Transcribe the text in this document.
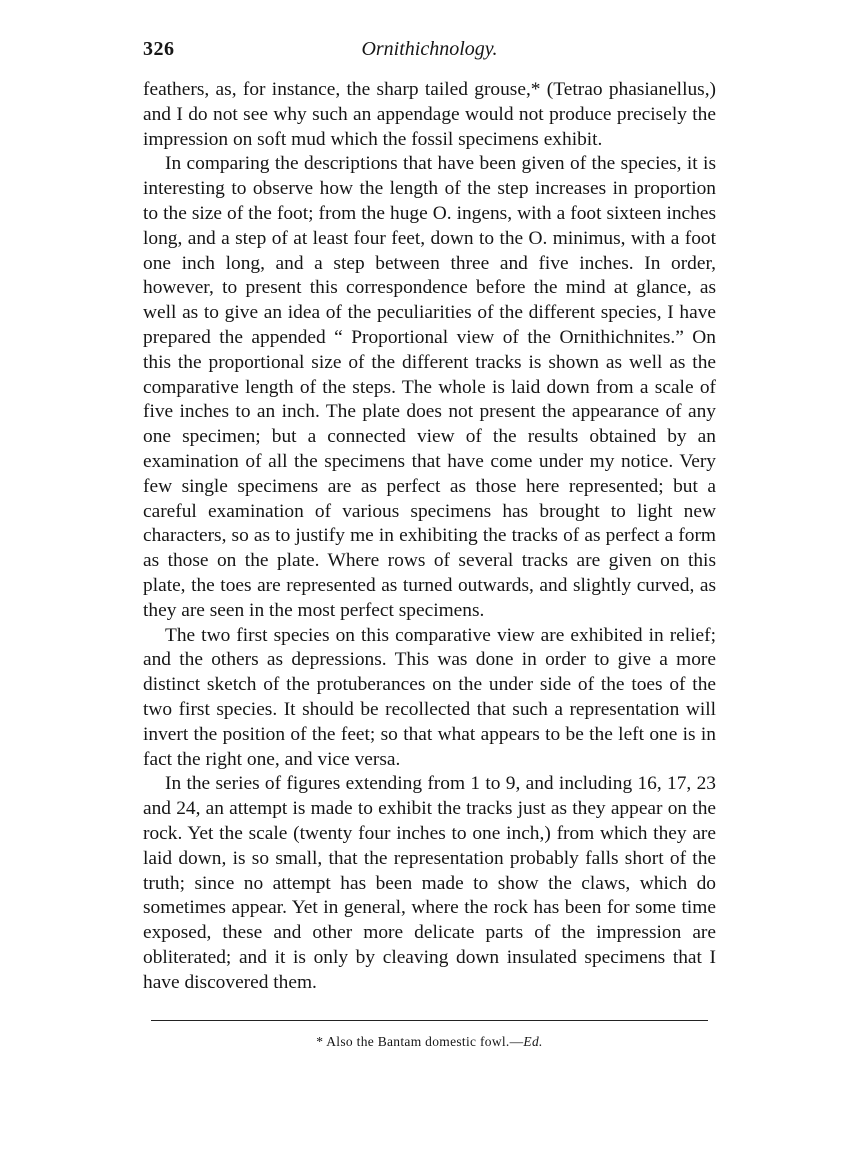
326	Ornithichnology.

feathers, as, for instance, the sharp tailed grouse,* (Tetrao phasianellus,) and I do not see why such an appendage would not produce precisely the impression on soft mud which the fossil specimens exhibit.

In comparing the descriptions that have been given of the species, it is interesting to observe how the length of the step increases in proportion to the size of the foot; from the huge O. ingens, with a foot sixteen inches long, and a step of at least four feet, down to the O. minimus, with a foot one inch long, and a step between three and five inches. In order, however, to present this correspondence before the mind at glance, as well as to give an idea of the peculiarities of the different species, I have prepared the appended “ Proportional view of the Ornithichnites.” On this the proportional size of the different tracks is shown as well as the comparative length of the steps. The whole is laid down from a scale of five inches to an inch. The plate does not present the appearance of any one specimen; but a connected view of the results obtained by an examination of all the specimens that have come under my notice. Very few single specimens are as perfect as those here represented; but a careful examination of various specimens has brought to light new characters, so as to justify me in exhibiting the tracks of as perfect a form as those on the plate. Where rows of several tracks are given on this plate, the toes are represented as turned outwards, and slightly curved, as they are seen in the most perfect specimens.

The two first species on this comparative view are exhibited in relief; and the others as depressions. This was done in order to give a more distinct sketch of the protuberances on the under side of the toes of the two first species. It should be recollected that such a representation will invert the position of the feet; so that what appears to be the left one is in fact the right one, and vice versa.

In the series of figures extending from 1 to 9, and including 16, 17, 23 and 24, an attempt is made to exhibit the tracks just as they appear on the rock. Yet the scale (twenty four inches to one inch,) from which they are laid down, is so small, that the representation probably falls short of the truth; since no attempt has been made to show the claws, which do sometimes appear. Yet in general, where the rock has been for some time exposed, these and other more delicate parts of the impression are obliterated; and it is only by cleaving down insulated specimens that I have discovered them.

* Also the Bantam domestic fowl.—Ed.
